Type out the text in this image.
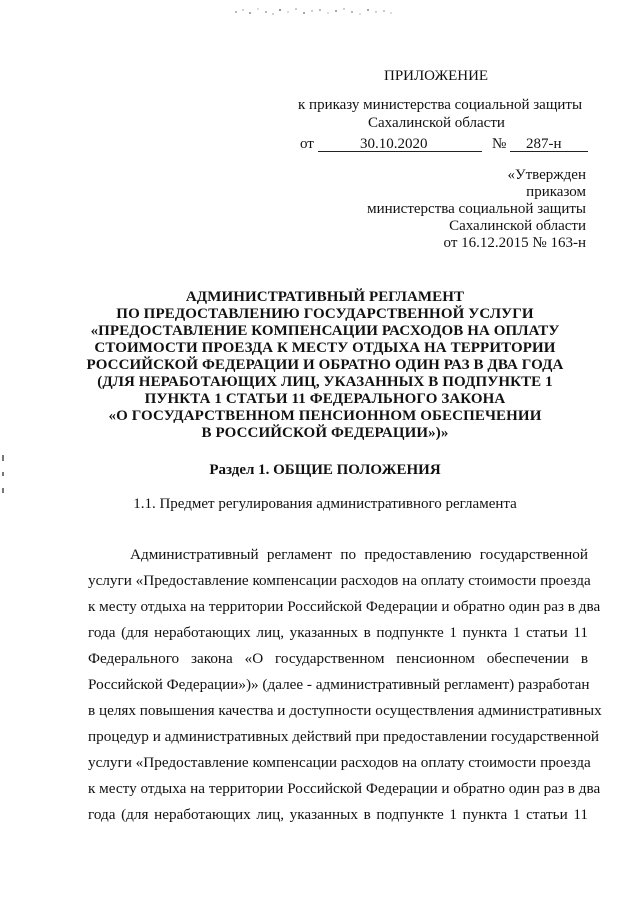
ПРИЛОЖЕНИЕ
к приказу министерства социальной защиты
Сахалинской области
от	30.10.2020	№ 287-н
«Утвержден
приказом
министерства социальной защиты
Сахалинской области
от 16.12.2015 № 163-н
АДМИНИСТРАТИВНЫЙ РЕГЛАМЕНТ
ПО ПРЕДОСТАВЛЕНИЮ ГОСУДАРСТВЕННОЙ УСЛУГИ
«ПРЕДОСТАВЛЕНИЕ КОМПЕНСАЦИИ РАСХОДОВ НА ОПЛАТУ
СТОИМОСТИ ПРОЕЗДА К МЕСТУ ОТДЫХА НА ТЕРРИТОРИИ
РОССИЙСКОЙ ФЕДЕРАЦИИ И ОБРАТНО ОДИН РАЗ В ДВА ГОДА
(ДЛЯ НЕРАБОТАЮЩИХ ЛИЦ, УКАЗАННЫХ В ПОДПУНКТЕ 1
ПУНКТА 1 СТАТЬИ 11 ФЕДЕРАЛЬНОГО ЗАКОНА
«О ГОСУДАРСТВЕННОМ ПЕНСИОННОМ ОБЕСПЕЧЕНИИ
В РОССИЙСКОЙ ФЕДЕРАЦИИ»)»
Раздел 1. ОБЩИЕ ПОЛОЖЕНИЯ
1.1. Предмет регулирования административного регламента
Административный регламент по предоставлению государственной
услуги «Предоставление компенсации расходов на оплату стоимости проезда
к месту отдыха на территории Российской Федерации и обратно один раз в два
года (для неработающих лиц, указанных в подпункте 1 пункта 1 статьи 11
Федерального закона «О государственном пенсионном обеспечении в
Российской Федерации»)» (далее - административный регламент) разработан
в целях повышения качества и доступности осуществления административных
процедур и административных действий при предоставлении государственной
услуги «Предоставление компенсации расходов на оплату стоимости проезда
к месту отдыха на территории Российской Федерации и обратно один раз в два
года (для неработающих лиц, указанных в подпункте 1 пункта 1 статьи 11
